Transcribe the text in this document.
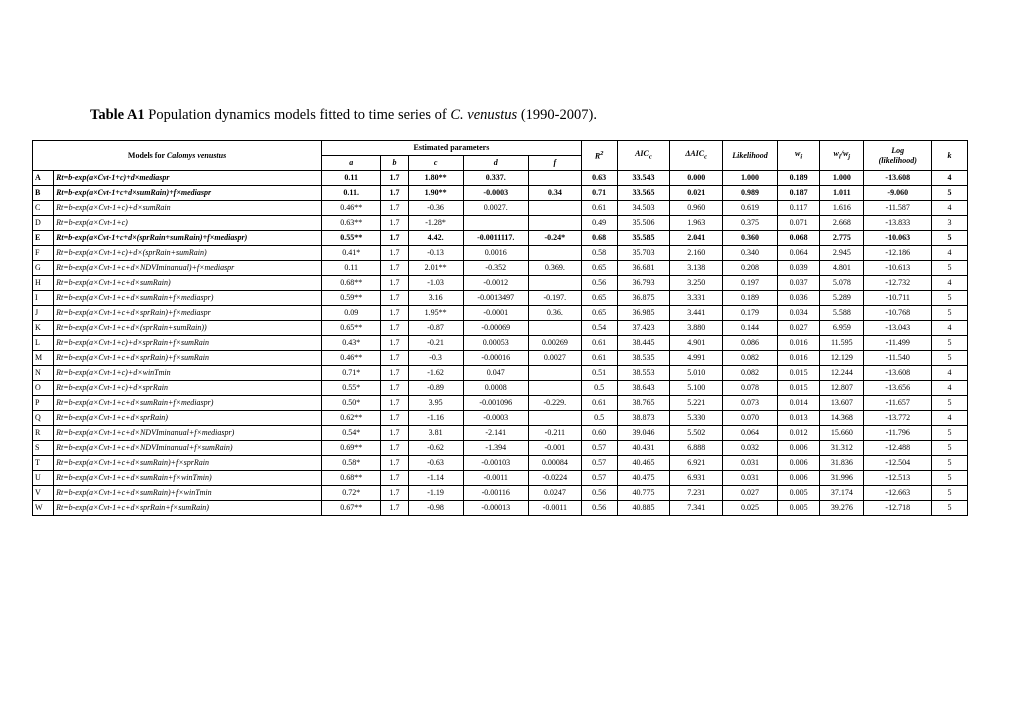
Table A1 Population dynamics models fitted to time series of C. venustus (1990-2007).
Models for Calomys venustus		Estimated parameters					$R^2$	$AIC_c$	$\Delta AIC_c$	Likelihood	$w_i$	$w_i/w_j$	Log
(likelihood)	k
		a	b	c	d	f								
A	Rt=b-exp(a×Cvt-1+c)+d×mediaspr	0.11	1.7	1.80**	0.337.		0.63	33.543	0.000	1.000	0.189	1.000	-13.608	4
B	Rt=b-exp(a×Cvt-1+c+d×sumRain)+f×mediaspr	0.11.	1.7	1.90**	-0.0003	0.34	0.71	33.565	0.021	0.989	0.187	1.011	-9.060	5
C	Rt=b-exp(a×Cvt-1+c)+d×sumRain	0.46**	1.7	-0.36	0.0027.		0.61	34.503	0.960	0.619	0.117	1.616	-11.587	4
D	Rt=b-exp(a×Cvt-1+c)	0.63**	1.7	-1.28*			0.49	35.506	1.963	0.375	0.071	2.668	-13.833	3
E	Rt=b-exp(a×Cvt-1+c+d×(sprRain+sumRain)+f×mediaspr)	0.55**	1.7	4.42.	-0.0011117.	-0.24*	0.68	35.585	2.041	0.360	0.068	2.775	-10.063	5
F	Rt=b-exp(a×Cvt-1+c)+d×(sprRain+sumRain)	0.41*	1.7	-0.13	0.0016		0.58	35.703	2.160	0.340	0.064	2.945	-12.186	4
G	Rt=b-exp(a×Cvt-1+c+d×NDVIminanual)+f×mediaspr	0.11	1.7	2.01**	-0.352	0.369.	0.65	36.681	3.138	0.208	0.039	4.801	-10.613	5
H	Rt=b-exp(a×Cvt-1+c+d×sumRain)	0.68**	1.7	-1.03	-0.0012		0.56	36.793	3.250	0.197	0.037	5.078	-12.732	4
I	Rt=b-exp(a×Cvt-1+c+d×sumRain+f×mediaspr)	0.59**	1.7	3.16	-0.0013497	-0.197.	0.65	36.875	3.331	0.189	0.036	5.289	-10.711	5
J	Rt=b-exp(a×Cvt-1+c+d×sprRain)+f×mediaspr	0.09	1.7	1.95**	-0.0001	0.36.	0.65	36.985	3.441	0.179	0.034	5.588	-10.768	5
K	Rt=b-exp(a×Cvt-1+c+d×(sprRain+sumRain))	0.65**	1.7	-0.87	-0.00069		0.54	37.423	3.880	0.144	0.027	6.959	-13.043	4
L	Rt=b-exp(a×Cvt-1+c)+d×sprRain+f×sumRain	0.43*	1.7	-0.21	0.00053	0.00269	0.61	38.445	4.901	0.086	0.016	11.595	-11.499	5
M	Rt=b-exp(a×Cvt-1+c+d×sprRain)+f×sumRain	0.46**	1.7	-0.3	-0.00016	0.0027	0.61	38.535	4.991	0.082	0.016	12.129	-11.540	5
N	Rt=b-exp(a×Cvt-1+c)+d×winTmin	0.71*	1.7	-1.62	0.047		0.51	38.553	5.010	0.082	0.015	12.244	-13.608	4
O	Rt=b-exp(a×Cvt-1+c)+d×sprRain	0.55*	1.7	-0.89	0.0008		0.5	38.643	5.100	0.078	0.015	12.807	-13.656	4
P	Rt=b-exp(a×Cvt-1+c+d×sumRain+f×mediaspr)	0.50*	1.7	3.95	-0.001096	-0.229.	0.61	38.765	5.221	0.073	0.014	13.607	-11.657	5
Q	Rt=b-exp(a×Cvt-1+c+d×sprRain)	0.62**	1.7	-1.16	-0.0003		0.5	38.873	5.330	0.070	0.013	14.368	-13.772	4
R	Rt=b-exp(a×Cvt-1+c+d×NDVIminanual+f×mediaspr)	0.54*	1.7	3.81	-2.141	-0.211	0.60	39.046	5.502	0.064	0.012	15.660	-11.796	5
S	Rt=b-exp(a×Cvt-1+c+d×NDVIminanual+f×sumRain)	0.69**	1.7	-0.62	-1.394	-0.001	0.57	40.431	6.888	0.032	0.006	31.312	-12.488	5
T	Rt=b-exp(a×Cvt-1+c+d×sumRain)+f×sprRain	0.58*	1.7	-0.63	-0.00103	0.00084	0.57	40.465	6.921	0.031	0.006	31.836	-12.504	5
U	Rt=b-exp(a×Cvt-1+c+d×sumRain+f×winTmin)	0.68**	1.7	-1.14	-0.0011	-0.0224	0.57	40.475	6.931	0.031	0.006	31.996	-12.513	5
V	Rt=b-exp(a×Cvt-1+c+d×sumRain)+f×winTmin	0.72*	1.7	-1.19	-0.00116	0.0247	0.56	40.775	7.231	0.027	0.005	37.174	-12.663	5
W	Rt=b-exp(a×Cvt-1+c+d×sprRain+f×sumRain)	0.67**	1.7	-0.98	-0.00013	-0.0011	0.56	40.885	7.341	0.025	0.005	39.276	-12.718	5
